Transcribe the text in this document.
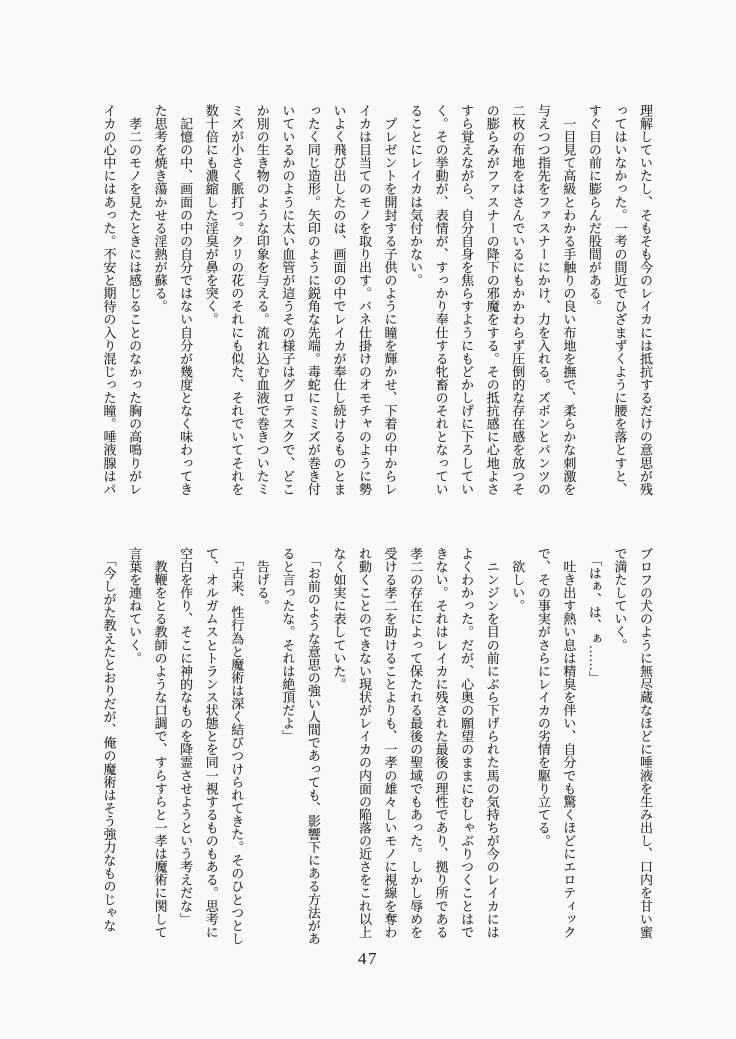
理解していたし、そもそも今のレイカには抵抗するだけの意思が残
ってはいなかった。一考の間近でひざまずくように腰を落とすと、
すぐ目の前に膨らんだ股間がある。
　一目見て高級とわかる手触りの良い布地を撫で、柔らかな刺激を
与えつつ指先をファスナーにかけ、力を入れる。ズボンとパンツの
二枚の布地をはさんでいるにもかかわらず圧倒的な存在感を放つそ
の膨らみがファスナーの降下の邪魔をする。その抵抗感に心地よさ
すら覚えながら、自分自身を焦らすようにもどかしげに下ろしてい
く。その挙動が、表情が、すっかり奉仕する牝畜のそれとなってい
ることにレイカは気付かない。
　プレゼントを開封する子供のように瞳を輝かせ、下着の中からレ
イカは目当てのモノを取り出す。バネ仕掛けのオモチャのように勢
いよく飛び出したのは、画面の中でレイカが奉仕し続けるものとま
ったく同じ造形。矢印のように鋭角な先端。毒蛇にミミズが巻き付
いているかのように太い血管が這うその様子はグロテスクで、どこ
か別の生き物のような印象を与える。流れ込む血液で巻きついたミ
ミズが小さく脈打つ。クリの花のそれにも似た、それでいてそれを
数十倍にも濃縮した淫臭が鼻を突く。
　記憶の中、画面の中の自分ではない自分が幾度となく味わってき
た思考を焼き蕩かせる淫熱が蘇る。
　孝二のモノを見たときには感じることのなかった胸の高鳴りがレ
イカの心中にはあった。不安と期待の入り混じった瞳。唾液腺はパ
ブロフの犬のように無尽蔵なほどに唾液を生み出し、口内を甘い蜜
で満たしていく。
　「はぁ、は、ぁ……」
　吐き出す熱い息は精臭を伴い、自分でも驚くほどにエロティック
で、その事実がさらにレイカの劣情を駆り立てる。
　欲しい。
　ニンジンを目の前にぶら下げられた馬の気持ちが今のレイカには
よくわかった。だが、心奥の願望のままにむしゃぶりつくことはで
きない。それはレイカに残された最後の理性であり、拠り所である
孝二の存在によって保たれる最後の聖域でもあった。しかし辱めを
受ける孝二を助けることよりも、一孝の雄々しいモノに視線を奪わ
れ動くことのできない現状がレイカの内面の陥落の近さをこれ以上
なく如実に表していた。
　「お前のような意思の強い人間であっても、影響下にある方法があ
ると言ったな。それは絶頂だよ」
　告げる。
　「古来、性行為と魔術は深く結びつけられてきた。そのひとつとし
て、オルガムスとトランス状態とを同一視するものもある。思考に
空白を作り、そこに神的なものを降霊させようという考えだな」
　教鞭をとる教師のような口調で、すらすらと一孝は魔術に関して
言葉を連ねていく。
　「今しがた教えたとおりだが、俺の魔術はそう強力なものじゃな
47
